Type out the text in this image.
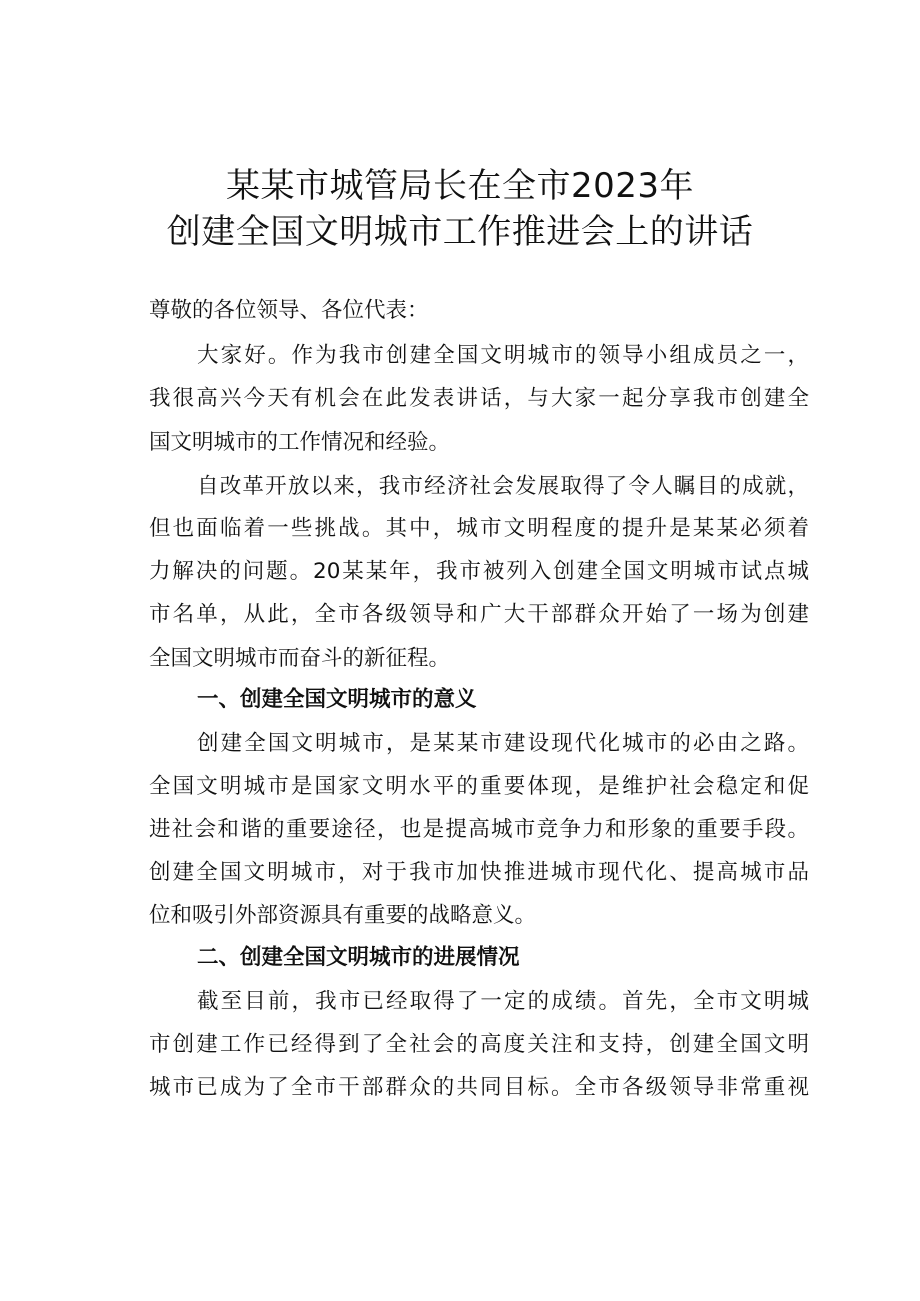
某某市城管局长在全市2023年
创建全国文明城市工作推进会上的讲话

尊敬的各位领导、各位代表：

大家好。作为我市创建全国文明城市的领导小组成员之一，

我很高兴今天有机会在此发表讲话，与大家一起分享我市创建全

国文明城市的工作情况和经验。

自改革开放以来，我市经济社会发展取得了令人瞩目的成就，

但也面临着一些挑战。其中，城市文明程度的提升是某某必须着

力解决的问题。20某某年，我市被列入创建全国文明城市试点城

市名单，从此，全市各级领导和广大干部群众开始了一场为创建

全国文明城市而奋斗的新征程。

一、创建全国文明城市的意义

创建全国文明城市，是某某市建设现代化城市的必由之路。

全国文明城市是国家文明水平的重要体现，是维护社会稳定和促

进社会和谐的重要途径，也是提高城市竞争力和形象的重要手段。

创建全国文明城市，对于我市加快推进城市现代化、提高城市品

位和吸引外部资源具有重要的战略意义。

二、创建全国文明城市的进展情况

截至目前，我市已经取得了一定的成绩。首先，全市文明城

市创建工作已经得到了全社会的高度关注和支持，创建全国文明

城市已成为了全市干部群众的共同目标。全市各级领导非常重视
